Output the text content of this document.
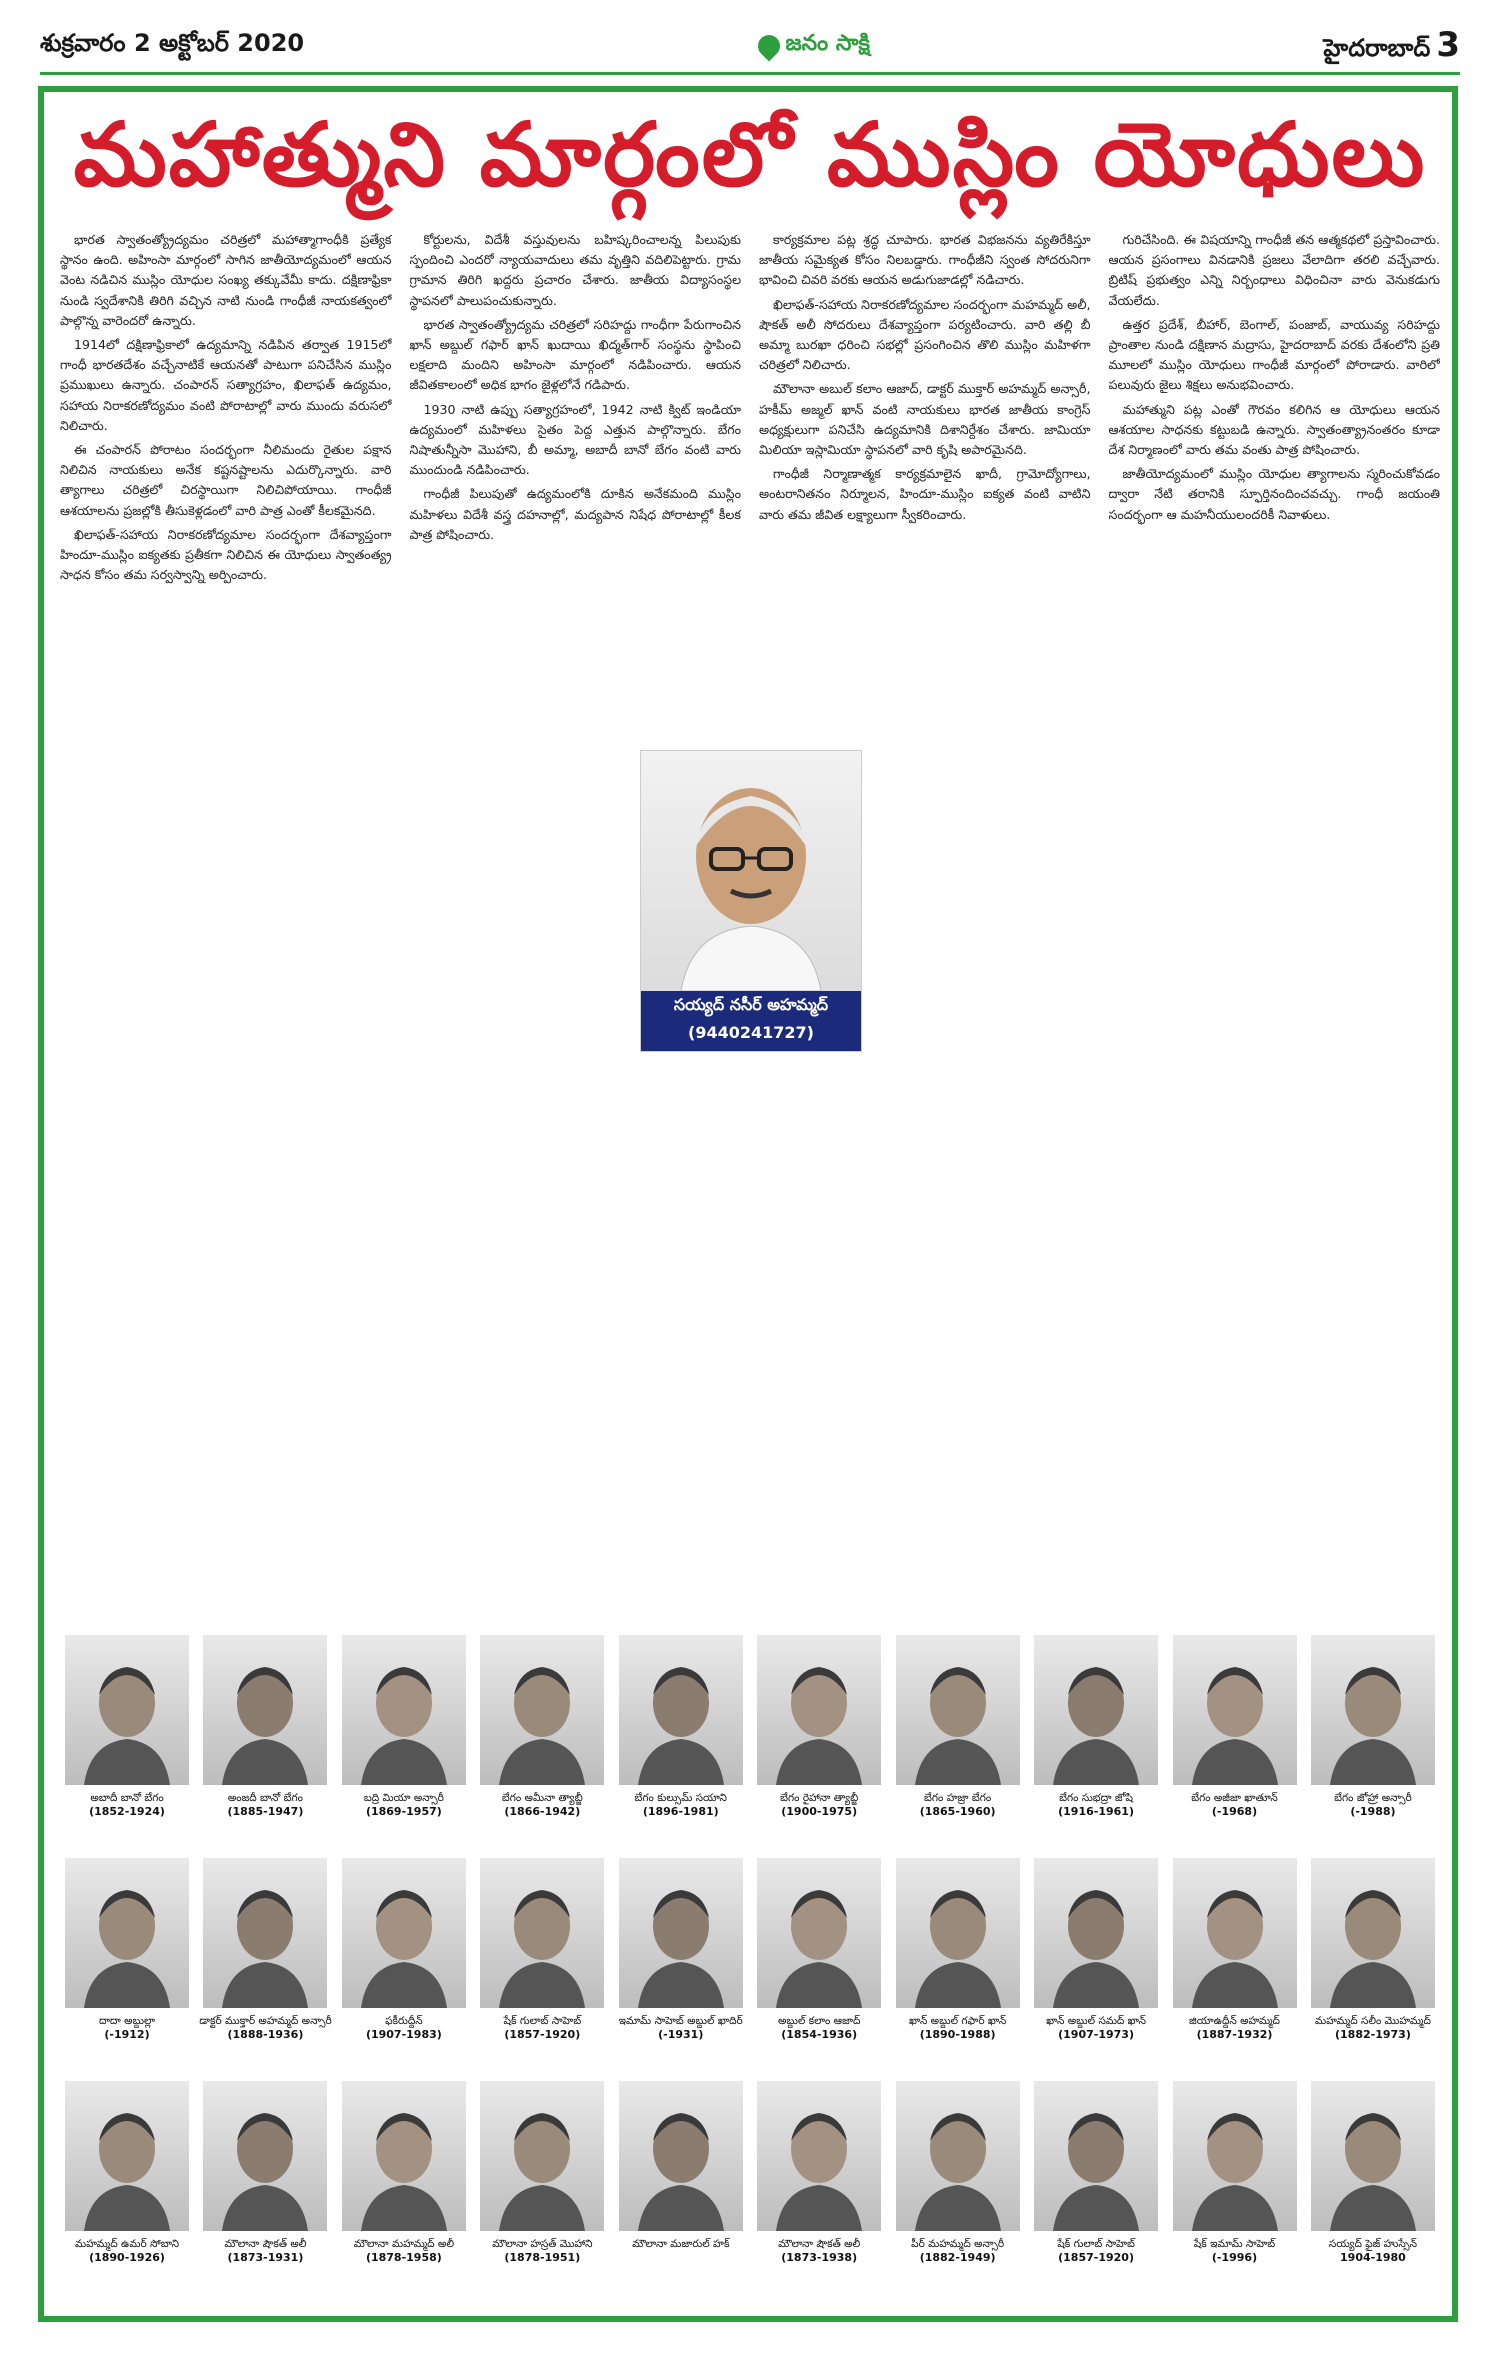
శుక్రవారం 2 అక్టోబర్ 2020	జనం సాక్షి	హైదరాబాద్ 3
మహాత్ముని మార్గంలో ముస్లిం యోధులు

భారత స్వాతంత్య్రోద్యమం చరిత్రలో మహాత్మాగాంధీకి ప్రత్యేక స్థానం ఉంది. అహింసా మార్గంలో సాగిన జాతీయోద్యమంలో ఆయన వెంట నడిచిన ముస్లిం యోధుల సంఖ్య తక్కువేమీ కాదు. దక్షిణాఫ్రికా నుండి స్వదేశానికి తిరిగి వచ్చిన నాటి నుండి గాంధీజీ నాయకత్వంలో పాల్గొన్న వారెందరో ఉన్నారు.

1914లో దక్షిణాఫ్రికాలో ఉద్యమాన్ని నడిపిన తర్వాత 1915లో గాంధీ భారతదేశం వచ్చేనాటికే ఆయనతో పాటుగా పనిచేసిన ముస్లిం ప్రముఖులు ఉన్నారు. చంపారన్ సత్యాగ్రహం, ఖిలాఫత్ ఉద్యమం, సహాయ నిరాకరణోద్యమం వంటి పోరాటాల్లో వారు ముందు వరుసలో నిలిచారు.

ఈ చంపారన్ పోరాటం సందర్భంగా నీలిమందు రైతుల పక్షాన నిలిచిన నాయకులు అనేక కష్టనష్టాలను ఎదుర్కొన్నారు. వారి త్యాగాలు చరిత్రలో చిరస్థాయిగా నిలిచిపోయాయి. గాంధీజీ ఆశయాలను ప్రజల్లోకి తీసుకెళ్లడంలో వారి పాత్ర ఎంతో కీలకమైనది.

ఖిలాఫత్-సహాయ నిరాకరణోద్యమాల సందర్భంగా దేశవ్యాప్తంగా హిందూ-ముస్లిం ఐక్యతకు ప్రతీకగా నిలిచిన ఈ యోధులు స్వాతంత్య్ర సాధన కోసం తమ సర్వస్వాన్ని అర్పించారు.

కోర్టులను, విదేశీ వస్తువులను బహిష్కరించాలన్న పిలుపుకు స్పందించి ఎందరో న్యాయవాదులు తమ వృత్తిని వదిలిపెట్టారు. గ్రామ గ్రామాన తిరిగి ఖద్దరు ప్రచారం చేశారు. జాతీయ విద్యాసంస్థల స్థాపనలో పాలుపంచుకున్నారు.

భారత స్వాతంత్య్రోద్యమ చరిత్రలో సరిహద్దు గాంధీగా పేరుగాంచిన ఖాన్ అబ్దుల్ గఫార్ ఖాన్ ఖుదాయి ఖిద్మత్‌గార్ సంస్థను స్థాపించి లక్షలాది మందిని అహింసా మార్గంలో నడిపించారు. ఆయన జీవితకాలంలో అధిక భాగం జైళ్లలోనే గడిపారు.

1930 నాటి ఉప్పు సత్యాగ్రహంలో, 1942 నాటి క్విట్ ఇండియా ఉద్యమంలో మహిళలు సైతం పెద్ద ఎత్తున పాల్గొన్నారు. బేగం నిషాతున్నీసా మొహాని, బీ అమ్మా, అబాదీ బానో బేగం వంటి వారు ముందుండి నడిపించారు.

గాంధీజీ పిలుపుతో ఉద్యమంలోకి దూకిన అనేకమంది ముస్లిం మహిళలు విదేశీ వస్త్ర దహనాల్లో, మద్యపాన నిషేధ పోరాటాల్లో కీలక పాత్ర పోషించారు.

కార్యక్రమాల పట్ల శ్రద్ధ చూపారు. భారత విభజనను వ్యతిరేకిస్తూ జాతీయ సమైక్యత కోసం నిలబడ్డారు. గాంధీజీని స్వంత సోదరునిగా భావించి చివరి వరకు ఆయన అడుగుజాడల్లో నడిచారు.

ఖిలాఫత్-సహాయ నిరాకరణోద్యమాల సందర్భంగా మహమ్మద్ అలీ, షౌకత్ అలీ సోదరులు దేశవ్యాప్తంగా పర్యటించారు. వారి తల్లి బీ అమ్మా బురఖా ధరించి సభల్లో ప్రసంగించిన తొలి ముస్లిం మహిళగా చరిత్రలో నిలిచారు.

మౌలానా అబుల్ కలాం ఆజాద్, డాక్టర్ ముక్తార్ అహమ్మద్ అన్సారీ, హకీమ్ అజ్మల్ ఖాన్ వంటి నాయకులు భారత జాతీయ కాంగ్రెస్ అధ్యక్షులుగా పనిచేసి ఉద్యమానికి దిశానిర్దేశం చేశారు. జామియా మిలియా ఇస్లామియా స్థాపనలో వారి కృషి అపారమైనది.

గాంధీజీ నిర్మాణాత్మక కార్యక్రమాలైన ఖాదీ, గ్రామోద్యోగాలు, అంటరానితనం నిర్మూలన, హిందూ-ముస్లిం ఐక్యత వంటి వాటిని వారు తమ జీవిత లక్ష్యాలుగా స్వీకరించారు.

గురిచేసింది. ఈ విషయాన్ని గాంధీజీ తన ఆత్మకథలో ప్రస్తావించారు. ఆయన ప్రసంగాలు వినడానికి ప్రజలు వేలాదిగా తరలి వచ్చేవారు. బ్రిటిష్ ప్రభుత్వం ఎన్ని నిర్బంధాలు విధించినా వారు వెనుకడుగు వేయలేదు.

ఉత్తర ప్రదేశ్, బీహార్, బెంగాల్, పంజాబ్, వాయువ్య సరిహద్దు ప్రాంతాల నుండి దక్షిణాన మద్రాసు, హైదరాబాద్ వరకు దేశంలోని ప్రతి మూలలో ముస్లిం యోధులు గాంధీజీ మార్గంలో పోరాడారు. వారిలో పలువురు జైలు శిక్షలు అనుభవించారు.

మహాత్ముని పట్ల ఎంతో గౌరవం కలిగిన ఆ యోధులు ఆయన ఆశయాల సాధనకు కట్టుబడి ఉన్నారు. స్వాతంత్య్రానంతరం కూడా దేశ నిర్మాణంలో వారు తమ వంతు పాత్ర పోషించారు.

జాతీయోద్యమంలో ముస్లిం యోధుల త్యాగాలను స్మరించుకోవడం ద్వారా నేటి తరానికి స్ఫూర్తినందించవచ్చు. గాంధీ జయంతి సందర్భంగా ఆ మహనీయులందరికీ నివాళులు.

సయ్యద్ నసీర్ అహమ్మద్
(9440241727)
అబాదీ బానో బేగం
(1852-1924)
అంజదీ బానో బేగం
(1885-1947)
బద్రి మియా అన్సారీ
(1869-1957)
బేగం అమీనా త్యాబ్జీ
(1866-1942)
బేగం కుల్సుమ్ సయాని
(1896-1981)
బేగం రైహానా త్యాబ్జీ
(1900-1975)
బేగం హజ్రా బేగం
(1865-1960)
బేగం సుభద్రా జోషి
(1916-1961)
బేగం అజీజా ఖాతూన్
(-1968)
బేగం జోహ్రా అన్సారీ
(-1988)
దాదా అబ్దుల్లా
(-1912)
డాక్టర్ ముక్తార్ అహమ్మద్ అన్సారీ
(1888-1936)
ఫకీరుద్దీన్
(1907-1983)
షేక్ గులాబ్ సాహెబ్
(1857-1920)
ఇమామ్ సాహెబ్ అబ్దుల్ ఖాదిర్
(-1931)
అబ్దుల్ కలాం ఆజాద్
(1854-1936)
ఖాన్ అబ్దుల్ గఫార్ ఖాన్
(1890-1988)
ఖాన్ అబ్దుల్ సమద్ ఖాన్
(1907-1973)
జియాఉద్దీన్ అహమ్మద్
(1887-1932)
మహమ్మద్ సలీం మొహమ్మద్
(1882-1973)
మహమ్మద్ ఉమర్ సోబాని
(1890-1926)
మౌలానా షౌకత్ అలీ
(1873-1931)
మౌలానా మహమ్మద్ అలీ
(1878-1958)
మౌలానా హస్రత్ మొహాని
(1878-1951)
మౌలానా మజారుల్ హక్	మౌలానా షౌకత్ అలీ
(1873-1938)
పీర్ మహమ్మద్ అన్సారీ
(1882-1949)
షేక్ గులాబ్ సాహెబ్
(1857-1920)
షేక్ ఇమామ్ సాహెబ్
(-1996)
సయ్యద్ ఫైజ్ హుస్సేన్
1904-1980
